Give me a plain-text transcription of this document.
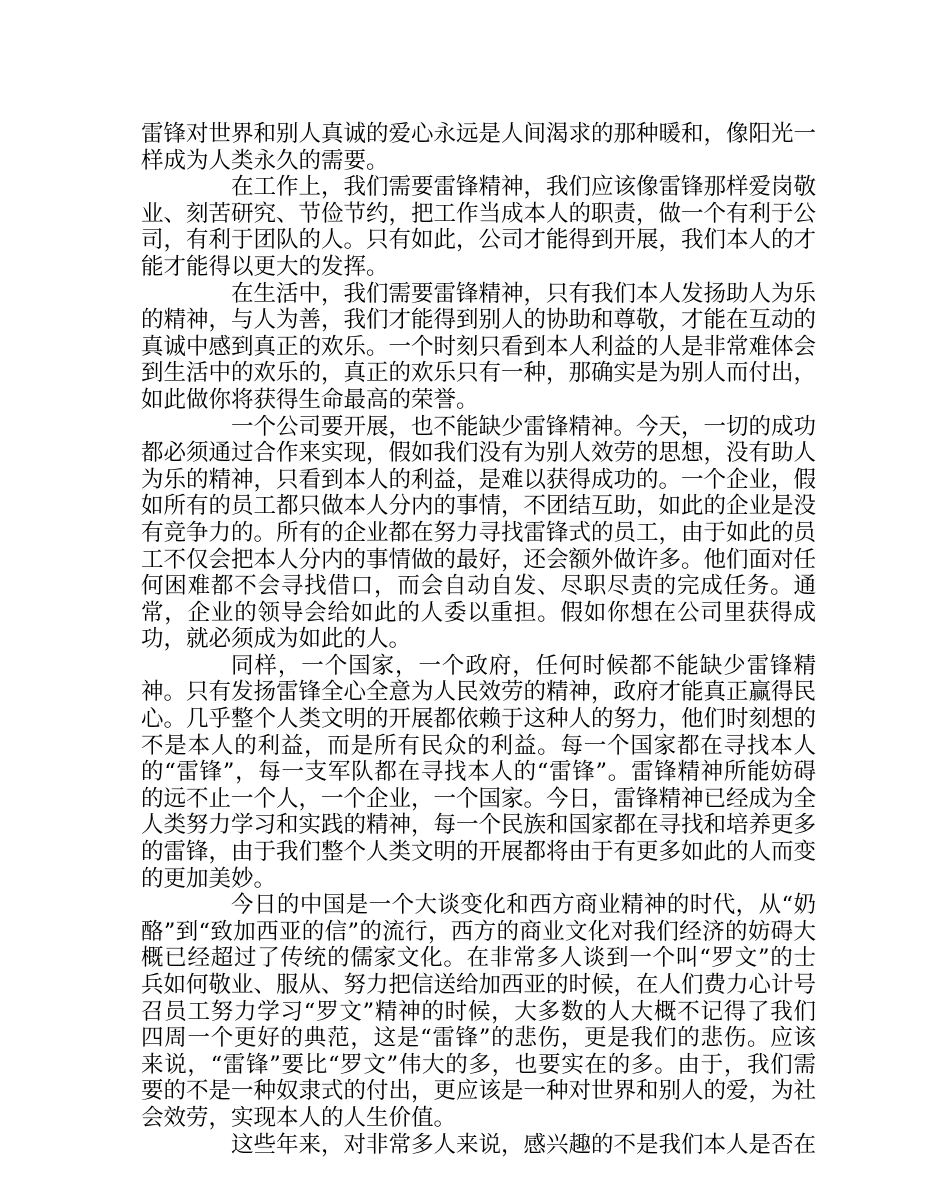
雷锋对世界和别人真诚的爱心永远是人间渴求的那种暖和，像阳光一样成为人类永久的需要。

在工作上，我们需要雷锋精神，我们应该像雷锋那样爱岗敬业、刻苦研究、节俭节约，把工作当成本人的职责，做一个有利于公司，有利于团队的人。只有如此，公司才能得到开展，我们本人的才能才能得以更大的发挥。

在生活中，我们需要雷锋精神，只有我们本人发扬助人为乐的精神，与人为善，我们才能得到别人的协助和尊敬，才能在互动的真诚中感到真正的欢乐。一个时刻只看到本人利益的人是非常难体会到生活中的欢乐的，真正的欢乐只有一种，那确实是为别人而付出，如此做你将获得生命最高的荣誉。

一个公司要开展，也不能缺少雷锋精神。今天，一切的成功都必须通过合作来实现，假如我们没有为别人效劳的思想，没有助人为乐的精神，只看到本人的利益，是难以获得成功的。一个企业，假如所有的员工都只做本人分内的事情，不团结互助，如此的企业是没有竞争力的。所有的企业都在努力寻找雷锋式的员工，由于如此的员工不仅会把本人分内的事情做的最好，还会额外做许多。他们面对任何困难都不会寻找借口，而会自动自发、尽职尽责的完成任务。通常，企业的领导会给如此的人委以重担。假如你想在公司里获得成功，就必须成为如此的人。

同样，一个国家，一个政府，任何时候都不能缺少雷锋精神。只有发扬雷锋全心全意为人民效劳的精神，政府才能真正赢得民心。几乎整个人类文明的开展都依赖于这种人的努力，他们时刻想的不是本人的利益，而是所有民众的利益。每一个国家都在寻找本人的“雷锋”，每一支军队都在寻找本人的“雷锋”。雷锋精神所能妨碍的远不止一个人，一个企业，一个国家。今日，雷锋精神已经成为全人类努力学习和实践的精神，每一个民族和国家都在寻找和培养更多的雷锋，由于我们整个人类文明的开展都将由于有更多如此的人而变的更加美妙。

今日的中国是一个大谈变化和西方商业精神的时代，从“奶酪”到“致加西亚的信”的流行，西方的商业文化对我们经济的妨碍大概已经超过了传统的儒家文化。在非常多人谈到一个叫“罗文”的士兵如何敬业、服从、努力把信送给加西亚的时候，在人们费力心计号召员工努力学习“罗文”精神的时候，大多数的人大概不记得了我们四周一个更好的典范，这是“雷锋”的悲伤，更是我们的悲伤。应该来说，“雷锋”要比“罗文”伟大的多，也要实在的多。由于，我们需要的不是一种奴隶式的付出，更应该是一种对世界和别人的爱，为社会效劳，实现本人的人生价值。

这些年来，对非常多人来说，感兴趣的不是我们本人是否在
